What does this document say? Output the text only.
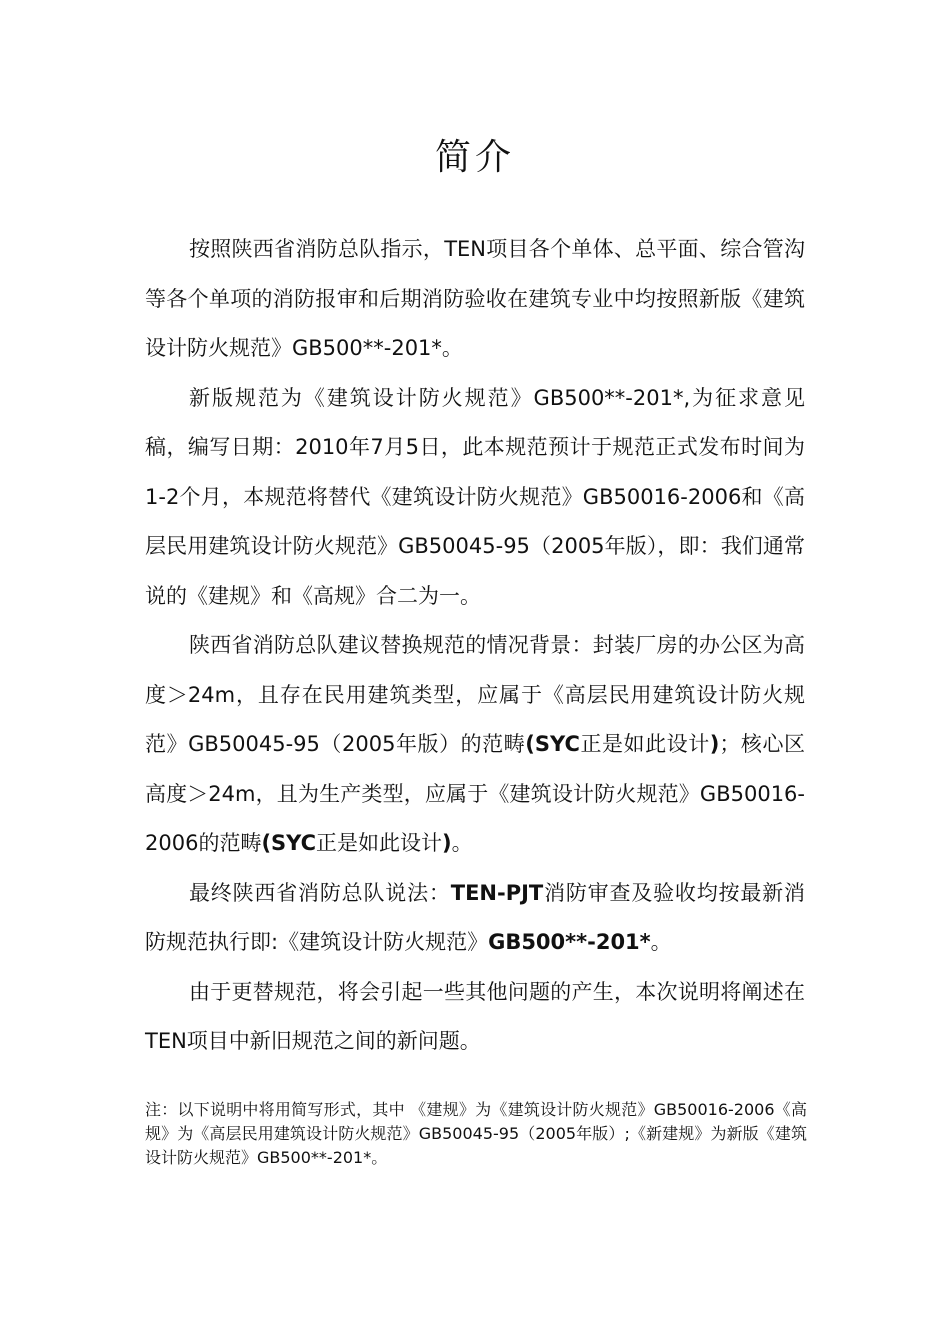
简介

按照陕西省消防总队指示，TEN项目各个单体、总平面、综合管沟等各个单项的消防报审和后期消防验收在建筑专业中均按照新版《建筑设计防火规范》GB500**-201*。

新版规范为《建筑设计防火规范》GB500**-201*,为征求意见稿，编写日期：2010年7月5日，此本规范预计于规范正式发布时间为1-2个月，本规范将替代《建筑设计防火规范》GB50016-2006和《高层民用建筑设计防火规范》GB50045-95（2005年版），即：我们通常说的《建规》和《高规》合二为一。

陕西省消防总队建议替换规范的情况背景：封装厂房的办公区为高度＞24m，且存在民用建筑类型，应属于《高层民用建筑设计防火规范》GB50045-95（2005年版）的范畴(SYC正是如此设计)；核心区高度＞24m，且为生产类型，应属于《建筑设计防火规范》GB50016-2006的范畴(SYC正是如此设计)。

最终陕西省消防总队说法：TEN-PJT消防审查及验收均按最新消防规范执行即:《建筑设计防火规范》GB500**-201*。

由于更替规范，将会引起一些其他问题的产生，本次说明将阐述在TEN项目中新旧规范之间的新问题。

注：以下说明中将用简写形式，其中 《建规》为《建筑设计防火规范》GB50016-2006《高规》为《高层民用建筑设计防火规范》GB50045-95（2005年版）;《新建规》为新版《建筑设计防火规范》GB500**-201*。
